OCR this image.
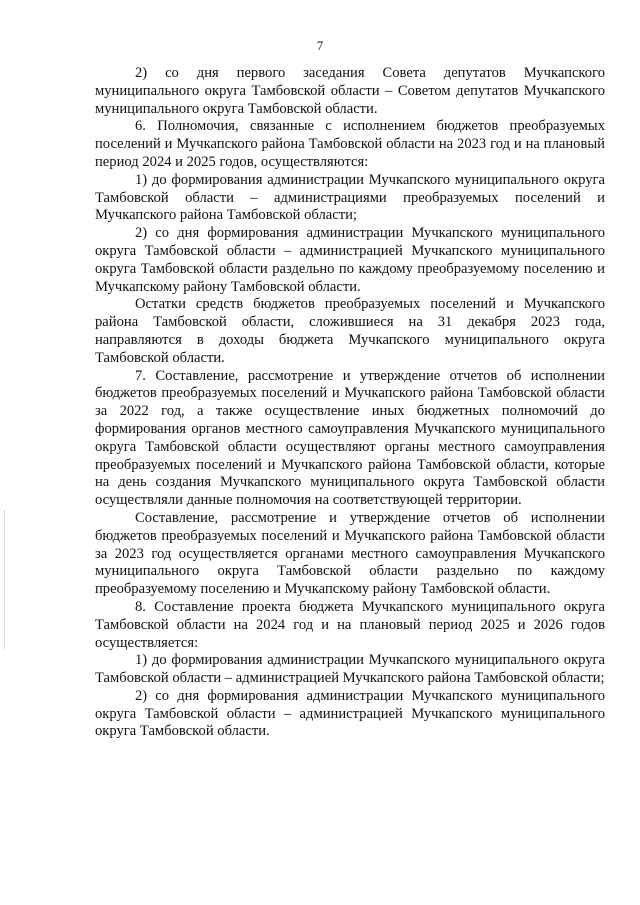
7

2) со дня первого заседания Совета депутатов Мучкапского муниципального округа Тамбовской области – Советом депутатов Мучкапского муниципального округа Тамбовской области.

6. Полномочия, связанные с исполнением бюджетов преобразуемых поселений и Мучкапского района Тамбовской области на 2023 год и на плановый период 2024 и 2025 годов, осуществляются:

1) до формирования администрации Мучкапского муниципального округа Тамбовской области – администрациями преобразуемых поселений и Мучкапского района Тамбовской области;

2) со дня формирования администрации Мучкапского муниципального округа Тамбовской области – администрацией Мучкапского муниципального округа Тамбовской области раздельно по каждому преобразуемому поселению и Мучкапскому району Тамбовской области.

Остатки средств бюджетов преобразуемых поселений и Мучкапского района Тамбовской области, сложившиеся на 31 декабря 2023 года, направляются в доходы бюджета Мучкапского муниципального округа Тамбовской области.

7. Составление, рассмотрение и утверждение отчетов об исполнении бюджетов преобразуемых поселений и Мучкапского района Тамбовской области за 2022 год, а также осуществление иных бюджетных полномочий до формирования органов местного самоуправления Мучкапского муниципального округа Тамбовской области осуществляют органы местного самоуправления преобразуемых поселений и Мучкапского района Тамбовской области, которые на день создания Мучкапского муниципального округа Тамбовской области осуществляли данные полномочия на соответствующей территории.

Составление, рассмотрение и утверждение отчетов об исполнении бюджетов преобразуемых поселений и Мучкапского района Тамбовской области за 2023 год осуществляется органами местного самоуправления Мучкапского муниципального округа Тамбовской области раздельно по каждому преобразуемому поселению и Мучкапскому району Тамбовской области.

8. Составление проекта бюджета Мучкапского муниципального округа Тамбовской области на 2024 год и на плановый период 2025 и 2026 годов осуществляется:

1) до формирования администрации Мучкапского муниципального округа Тамбовской области – администрацией Мучкапского района Тамбовской области;

2) со дня формирования администрации Мучкапского муниципального округа Тамбовской области – администрацией Мучкапского муниципального округа Тамбовской области.
